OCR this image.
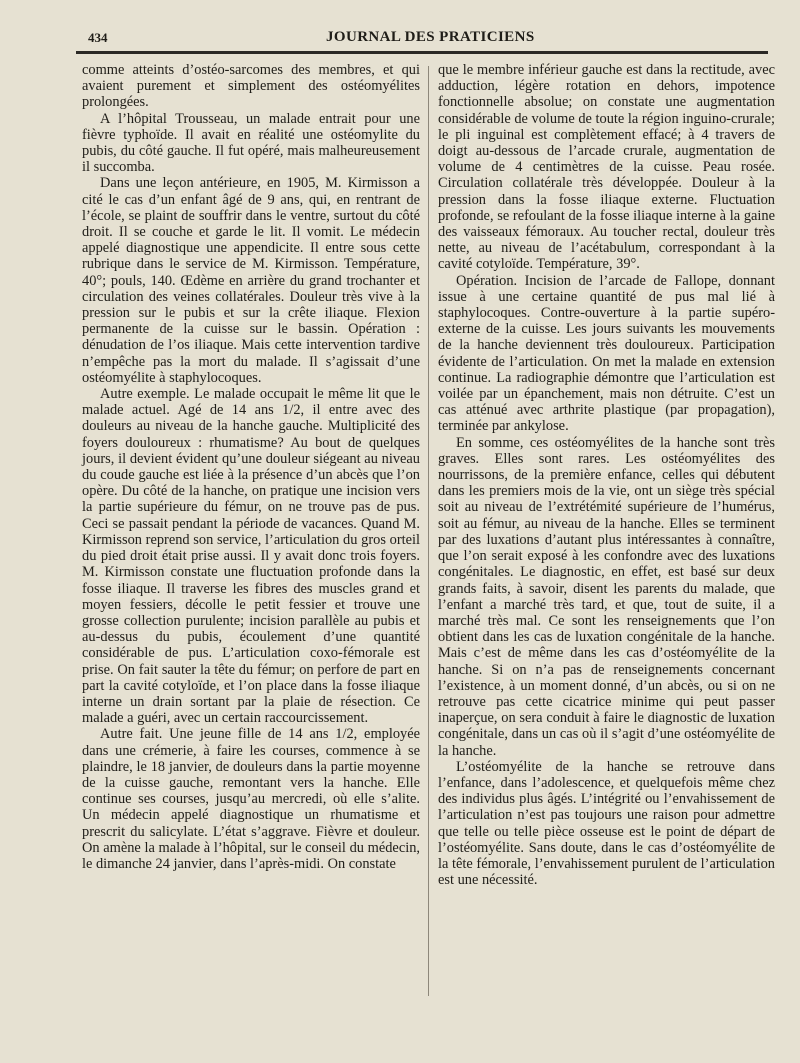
434	JOURNAL DES PRATICIENS

comme atteints d’ostéo-sarcomes des membres, et qui avaient purement et simplement des ostéomyélites prolongées.

A l’hôpital Trousseau, un malade entrait pour une fièvre typhoïde. Il avait en réalité une ostéomylite du pubis, du côté gauche. Il fut opéré, mais malheureusement il succomba.

Dans une leçon antérieure, en 1905, M. Kirmisson a cité le cas d’un enfant âgé de 9 ans, qui, en rentrant de l’école, se plaint de souffrir dans le ventre, surtout du côté droit. Il se couche et garde le lit. Il vomit. Le médecin appelé diagnostique une appendicite. Il entre sous cette rubrique dans le service de M. Kirmisson. Température, 40°; pouls, 140. Œdème en arrière du grand trochanter et circulation des veines collatérales. Douleur très vive à la pression sur le pubis et sur la crête iliaque. Flexion permanente de la cuisse sur le bassin. Opération : dénudation de l’os iliaque. Mais cette intervention tardive n’empêche pas la mort du malade. Il s’agissait d’une ostéomyélite à staphylocoques.

Autre exemple. Le malade occupait le même lit que le malade actuel. Agé de 14 ans 1/2, il entre avec des douleurs au niveau de la hanche gauche. Multiplicité des foyers douloureux : rhumatisme? Au bout de quelques jours, il devient évident qu’une douleur siégeant au niveau du coude gauche est liée à la présence d’un abcès que l’on opère. Du côté de la hanche, on pratique une incision vers la partie supérieure du fémur, on ne trouve pas de pus. Ceci se passait pendant la période de vacances. Quand M. Kirmisson reprend son service, l’articulation du gros orteil du pied droit était prise aussi. Il y avait donc trois foyers. M. Kirmisson constate une fluctuation profonde dans la fosse iliaque. Il traverse les fibres des muscles grand et moyen fessiers, décolle le petit fessier et trouve une grosse collection purulente; incision parallèle au pubis et au-dessus du pubis, écoulement d’une quantité considérable de pus. L’articulation coxo-fémorale est prise. On fait sauter la tête du fémur; on perfore de part en part la cavité cotyloïde, et l’on place dans la fosse iliaque interne un drain sortant par la plaie de résection. Ce malade a guéri, avec un certain raccourcissement.

Autre fait. Une jeune fille de 14 ans 1/2, employée dans une crémerie, à faire les courses, commence à se plaindre, le 18 janvier, de douleurs dans la partie moyenne de la cuisse gauche, remontant vers la hanche. Elle continue ses courses, jusqu’au mercredi, où elle s’alite. Un médecin appelé diagnostique un rhumatisme et prescrit du salicylate. L’état s’aggrave. Fièvre et douleur. On amène la malade à l’hôpital, sur le conseil du médecin, le dimanche 24 janvier, dans l’après-midi. On constate

que le membre inférieur gauche est dans la rectitude, avec adduction, légère rotation en dehors, impotence fonctionnelle absolue; on constate une augmentation considérable de volume de toute la région inguino-crurale; le pli inguinal est complètement effacé; à 4 travers de doigt au-dessous de l’arcade crurale, augmentation de volume de 4 centimètres de la cuisse. Peau rosée. Circulation collatérale très développée. Douleur à la pression dans la fosse iliaque externe. Fluctuation profonde, se refoulant de la fosse iliaque interne à la gaine des vaisseaux fémoraux. Au toucher rectal, douleur très nette, au niveau de l’acétabulum, correspondant à la cavité cotyloïde. Température, 39°.

Opération. Incision de l’arcade de Fallope, donnant issue à une certaine quantité de pus mal lié à staphylocoques. Contre-ouverture à la partie supéro-externe de la cuisse. Les jours suivants les mouvements de la hanche deviennent très douloureux. Participation évidente de l’articulation. On met la malade en extension continue. La radiographie démontre que l’articulation est voilée par un épanchement, mais non détruite. C’est un cas atténué avec arthrite plastique (par propagation), terminée par ankylose.

En somme, ces ostéomyélites de la hanche sont très graves. Elles sont rares. Les ostéomyélites des nourrissons, de la première enfance, celles qui débutent dans les premiers mois de la vie, ont un siège très spécial soit au niveau de l’extrétémité supérieure de l’humérus, soit au fémur, au niveau de la hanche. Elles se terminent par des luxations d’autant plus intéressantes à connaître, que l’on serait exposé à les confondre avec des luxations congénitales. Le diagnostic, en effet, est basé sur deux grands faits, à savoir, disent les parents du malade, que l’enfant a marché très tard, et que, tout de suite, il a marché très mal. Ce sont les renseignements que l’on obtient dans les cas de luxation congénitale de la hanche. Mais c’est de même dans les cas d’ostéomyélite de la hanche. Si on n’a pas de renseignements concernant l’existence, à un moment donné, d’un abcès, ou si on ne retrouve pas cette cicatrice minime qui peut passer inaperçue, on sera conduit à faire le diagnostic de luxation congénitale, dans un cas où il s’agit d’une ostéomyélite de la hanche.

L’ostéomyélite de la hanche se retrouve dans l’enfance, dans l’adolescence, et quelquefois même chez des individus plus âgés. L’intégrité ou l’envahissement de l’articulation n’est pas toujours une raison pour admettre que telle ou telle pièce osseuse est le point de départ de l’ostéomyélite. Sans doute, dans le cas d’ostéomyélite de la tête fémorale, l’envahissement purulent de l’articulation est une nécessité.
